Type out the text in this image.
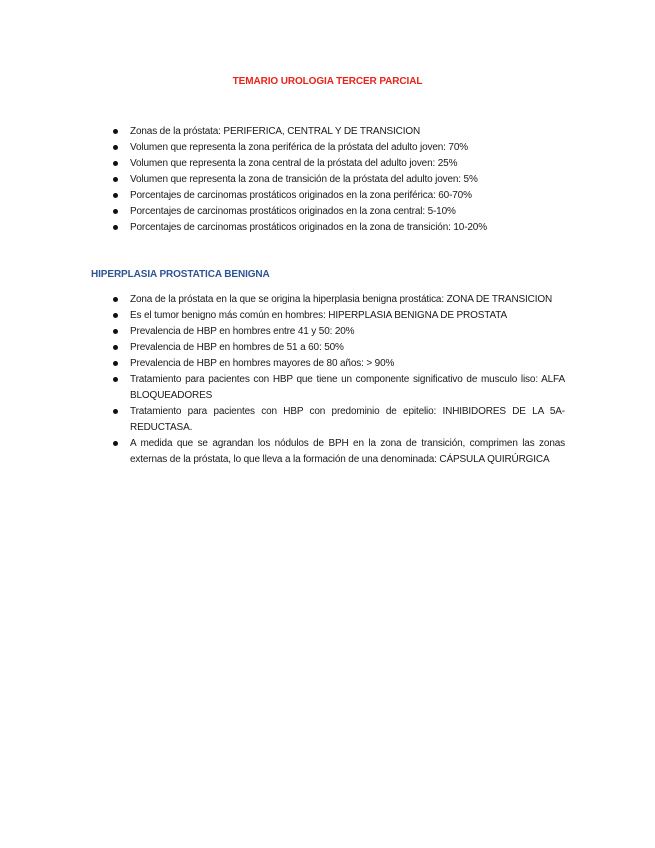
TEMARIO UROLOGIA TERCER PARCIAL
Zonas de la próstata: PERIFERICA, CENTRAL Y DE TRANSICION
Volumen que representa la zona periférica de la próstata del adulto joven: 70%
Volumen que representa la zona central de la próstata del adulto joven: 25%
Volumen que representa la zona de transición de la próstata del adulto joven: 5%
Porcentajes de carcinomas prostáticos originados en la zona periférica: 60-70%
Porcentajes de carcinomas prostáticos originados en la zona central: 5-10%
Porcentajes de carcinomas prostáticos originados en la zona de transición: 10-20%
HIPERPLASIA PROSTATICA BENIGNA
Zona de la próstata en la que se origina la hiperplasia benigna prostática: ZONA DE TRANSICION
Es el tumor benigno más común en hombres: HIPERPLASIA BENIGNA DE PROSTATA
Prevalencia de HBP en hombres entre 41 y 50: 20%
Prevalencia de HBP en hombres de 51 a 60: 50%
Prevalencia de HBP en hombres mayores de 80 años: > 90%
Tratamiento para pacientes con HBP que tiene un componente significativo de musculo liso: ALFA BLOQUEADORES
Tratamiento para pacientes con HBP con predominio de epitelio: INHIBIDORES DE LA 5A-REDUCTASA.
A medida que se agrandan los nódulos de BPH en la zona de transición, comprimen las zonas externas de la próstata, lo que lleva a la formación de una denominada: CÁPSULA QUIRÚRGICA
